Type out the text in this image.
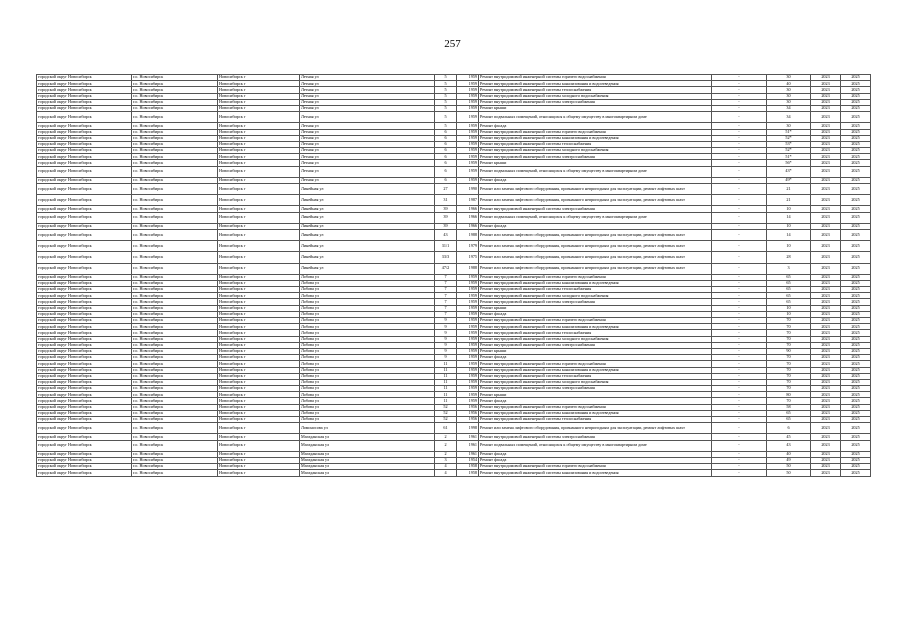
257
городской округ Новосибирск	г.о. Новосибирск	Новосибирск г	Летная ул	5	1959	Ремонт внутридомовой инженерной системы горячего водоснабжения	-	30	2023	2025
городской округ Новосибирск	г.о. Новосибирск	Новосибирск г	Летная ул	5	1959	Ремонт внутридомовой инженерной системы канализования и водоотведения	-	40	2023	2025
городской округ Новосибирск	г.о. Новосибирск	Новосибирск г	Летная ул	5	1959	Ремонт внутридомовой инженерной системы теплоснабжения	-	30	2023	2025
городской округ Новосибирск	г.о. Новосибирск	Новосибирск г	Летная ул	5	1959	Ремонт внутридомовой инженерной системы холодного водоснабжения	-	30	2023	2025
городской округ Новосибирск	г.о. Новосибирск	Новосибирск г	Летная ул	5	1959	Ремонт внутридомовой инженерной системы электроснабжения	-	30	2023	2025
городской округ Новосибирск	г.о. Новосибирск	Новосибирск г	Летная ул	5	1959	Ремонт крыши	-	34	2023	2025
городской округ Новосибирск	г.о. Новосибирск	Новосибирск г	Летная ул	5	1959	Ремонт подвальных помещений, относящихся к общему имуществу в многоквартирном доме	-	34	2023	2025
городской округ Новосибирск	г.о. Новосибирск	Новосибирск г	Летная ул	5	1959	Ремонт фасада	-	30	2023	2025
городской округ Новосибирск	г.о. Новосибирск	Новосибирск г	Летная ул	6	1959	Ремонт внутридомовой инженерной системы горячего водоснабжения	-	51*	2023	2025
городской округ Новосибирск	г.о. Новосибирск	Новосибирск г	Летная ул	6	1959	Ремонт внутридомовой инженерной системы канализования и водоотведения	-	52*	2023	2025
городской округ Новосибирск	г.о. Новосибирск	Новосибирск г	Летная ул	6	1959	Ремонт внутридомовой инженерной системы теплоснабжения	-	53*	2023	2025
городской округ Новосибирск	г.о. Новосибирск	Новосибирск г	Летная ул	6	1959	Ремонт внутридомовой инженерной системы холодного водоснабжения	-	52*	2023	2025
городской округ Новосибирск	г.о. Новосибирск	Новосибирск г	Летная ул	6	1959	Ремонт внутридомовой инженерной системы электроснабжения	-	51*	2023	2025
городской округ Новосибирск	г.о. Новосибирск	Новосибирск г	Летная ул	6	1959	Ремонт крыши	-	56*	2023	2025
городской округ Новосибирск	г.о. Новосибирск	Новосибирск г	Летная ул	6	1959	Ремонт подвальных помещений, относящихся к общему имуществу в многоквартирном доме	-	43*	2023	2025
городской округ Новосибирск	г.о. Новосибирск	Новосибирск г	Летная ул	6	1959	Ремонт фасада	-	49*	2023	2025
городской округ Новосибирск	г.о. Новосибирск	Новосибирск г	Линейная ул	27	1990	Ремонт или замена лифтового оборудования, признанного непригодным для эксплуатации, ремонт лифтовых шахт	-	21	2023	2025
городской округ Новосибирск	г.о. Новосибирск	Новосибирск г	Линейная ул	31	1987	Ремонт или замена лифтового оборудования, признанного непригодным для эксплуатации, ремонт лифтовых шахт	-	21	2023	2025
городской округ Новосибирск	г.о. Новосибирск	Новосибирск г	Линейная ул	39	1966	Ремонт внутридомовой инженерной системы электроснабжения	-	10	2023	2025
городской округ Новосибирск	г.о. Новосибирск	Новосибирск г	Линейная ул	39	1966	Ремонт подвальных помещений, относящихся к общему имуществу в многоквартирном доме	-	14	2023	2025
городской округ Новосибирск	г.о. Новосибирск	Новосибирск г	Линейная ул	39	1966	Ремонт фасада	-	10	2023	2025
городской округ Новосибирск	г.о. Новосибирск	Новосибирск г	Линейная ул	43	1988	Ремонт или замена лифтового оборудования, признанного непригодным для эксплуатации, ремонт лифтовых шахт	-	14	2023	2025
городской округ Новосибирск	г.о. Новосибирск	Новосибирск г	Линейная ул	31/1	1979	Ремонт или замена лифтового оборудования, признанного непригодным для эксплуатации, ремонт лифтовых шахт	-	10	2023	2025
городской округ Новосибирск	г.о. Новосибирск	Новосибирск г	Линейная ул	33/3	1975	Ремонт или замена лифтового оборудования, признанного непригодным для эксплуатации, ремонт лифтовых шахт	-	28	2023	2025
городской округ Новосибирск	г.о. Новосибирск	Новосибирск г	Линейная ул	47/2	1988	Ремонт или замена лифтового оборудования, признанного непригодным для эксплуатации, ремонт лифтовых шахт	-	3	2023	2025
городской округ Новосибирск	г.о. Новосибирск	Новосибирск г	Лобова ул	7	1959	Ремонт внутридомовой инженерной системы горячего водоснабжения	-	65	2023	2025
городской округ Новосибирск	г.о. Новосибирск	Новосибирск г	Лобова ул	7	1959	Ремонт внутридомовой инженерной системы канализования и водоотведения	-	65	2023	2025
городской округ Новосибирск	г.о. Новосибирск	Новосибирск г	Лобова ул	7	1959	Ремонт внутридомовой инженерной системы теплоснабжения	-	65	2023	2025
городской округ Новосибирск	г.о. Новосибирск	Новосибирск г	Лобова ул	7	1959	Ремонт внутридомовой инженерной системы холодного водоснабжения	-	65	2023	2025
городской округ Новосибирск	г.о. Новосибирск	Новосибирск г	Лобова ул	7	1959	Ремонт внутридомовой инженерной системы электроснабжения	-	65	2023	2025
городской округ Новосибирск	г.о. Новосибирск	Новосибирск г	Лобова ул	7	1959	Ремонт крыши	-	10	2023	2025
городской округ Новосибирск	г.о. Новосибирск	Новосибирск г	Лобова ул	7	1959	Ремонт фасада	-	10	2023	2025
городской округ Новосибирск	г.о. Новосибирск	Новосибирск г	Лобова ул	9	1959	Ремонт внутридомовой инженерной системы горячего водоснабжения	-	70	2023	2025
городской округ Новосибирск	г.о. Новосибирск	Новосибирск г	Лобова ул	9	1959	Ремонт внутридомовой инженерной системы канализования и водоотведения	-	70	2023	2025
городской округ Новосибирск	г.о. Новосибирск	Новосибирск г	Лобова ул	9	1959	Ремонт внутридомовой инженерной системы теплоснабжения	-	70	2023	2025
городской округ Новосибирск	г.о. Новосибирск	Новосибирск г	Лобова ул	9	1959	Ремонт внутридомовой инженерной системы холодного водоснабжения	-	70	2023	2025
городской округ Новосибирск	г.о. Новосибирск	Новосибирск г	Лобова ул	9	1959	Ремонт внутридомовой инженерной системы электроснабжения	-	70	2023	2025
городской округ Новосибирск	г.о. Новосибирск	Новосибирск г	Лобова ул	9	1959	Ремонт крыши	-	90	2023	2025
городской округ Новосибирск	г.о. Новосибирск	Новосибирск г	Лобова ул	9	1959	Ремонт фасада	-	70	2023	2025
городской округ Новосибирск	г.о. Новосибирск	Новосибирск г	Лобова ул	11	1959	Ремонт внутридомовой инженерной системы горячего водоснабжения	-	70	2023	2025
городской округ Новосибирск	г.о. Новосибирск	Новосибирск г	Лобова ул	11	1959	Ремонт внутридомовой инженерной системы канализования и водоотведения	-	70	2023	2025
городской округ Новосибирск	г.о. Новосибирск	Новосибирск г	Лобова ул	11	1959	Ремонт внутридомовой инженерной системы теплоснабжения	-	70	2023	2025
городской округ Новосибирск	г.о. Новосибирск	Новосибирск г	Лобова ул	11	1959	Ремонт внутридомовой инженерной системы холодного водоснабжения	-	70	2023	2025
городской округ Новосибирск	г.о. Новосибирск	Новосибирск г	Лобова ул	11	1959	Ремонт внутридомовой инженерной системы электроснабжения	-	70	2023	2025
городской округ Новосибирск	г.о. Новосибирск	Новосибирск г	Лобова ул	11	1959	Ремонт крыши	-	80	2023	2025
городской округ Новосибирск	г.о. Новосибирск	Новосибирск г	Лобова ул	11	1959	Ремонт фасада	-	70	2023	2025
городской округ Новосибирск	г.о. Новосибирск	Новосибирск г	Лобова ул	52	1956	Ремонт внутридомовой инженерной системы горячего водоснабжения	-	58	2023	2025
городской округ Новосибирск	г.о. Новосибирск	Новосибирск г	Лобова ул	52	1956	Ремонт внутридомовой инженерной системы канализования и водоотведения	-	65	2023	2025
городской округ Новосибирск	г.о. Новосибирск	Новосибирск г	Лобова ул	52	1956	Ремонт внутридомовой инженерной системы теплоснабжения	-	65	2023	2025
городской округ Новосибирск	г.о. Новосибирск	Новосибирск г	Ломоносова ул	61	1998	Ремонт или замена лифтового оборудования, признанного непригодным для эксплуатации, ремонт лифтовых шахт	-	6	2023	2025
городской округ Новосибирск	г.о. Новосибирск	Новосибирск г	Магаданская ул	2	1961	Ремонт внутридомовой инженерной системы электроснабжения	-	45	2023	2025
городской округ Новосибирск	г.о. Новосибирск	Новосибирск г	Магаданская ул	2	1961	Ремонт подвальных помещений, относящихся к общему имуществу в многоквартирном доме	-	43	2023	2025
городской округ Новосибирск	г.о. Новосибирск	Новосибирск г	Магаданская ул	2	1961	Ремонт фасада	-	40	2023	2025
городской округ Новосибирск	г.о. Новосибирск	Новосибирск г	Магаданская ул	3	1954	Ремонт фасада	-	49	2023	2025
городской округ Новосибирск	г.о. Новосибирск	Новосибирск г	Магаданская ул	4	1958	Ремонт внутридомовой инженерной системы горячего водоснабжения	-	50	2023	2025
городской округ Новосибирск	г.о. Новосибирск	Новосибирск г	Магаданская ул	4	1958	Ремонт внутридомовой инженерной системы канализования и водоотведения	-	50	2023	2025
